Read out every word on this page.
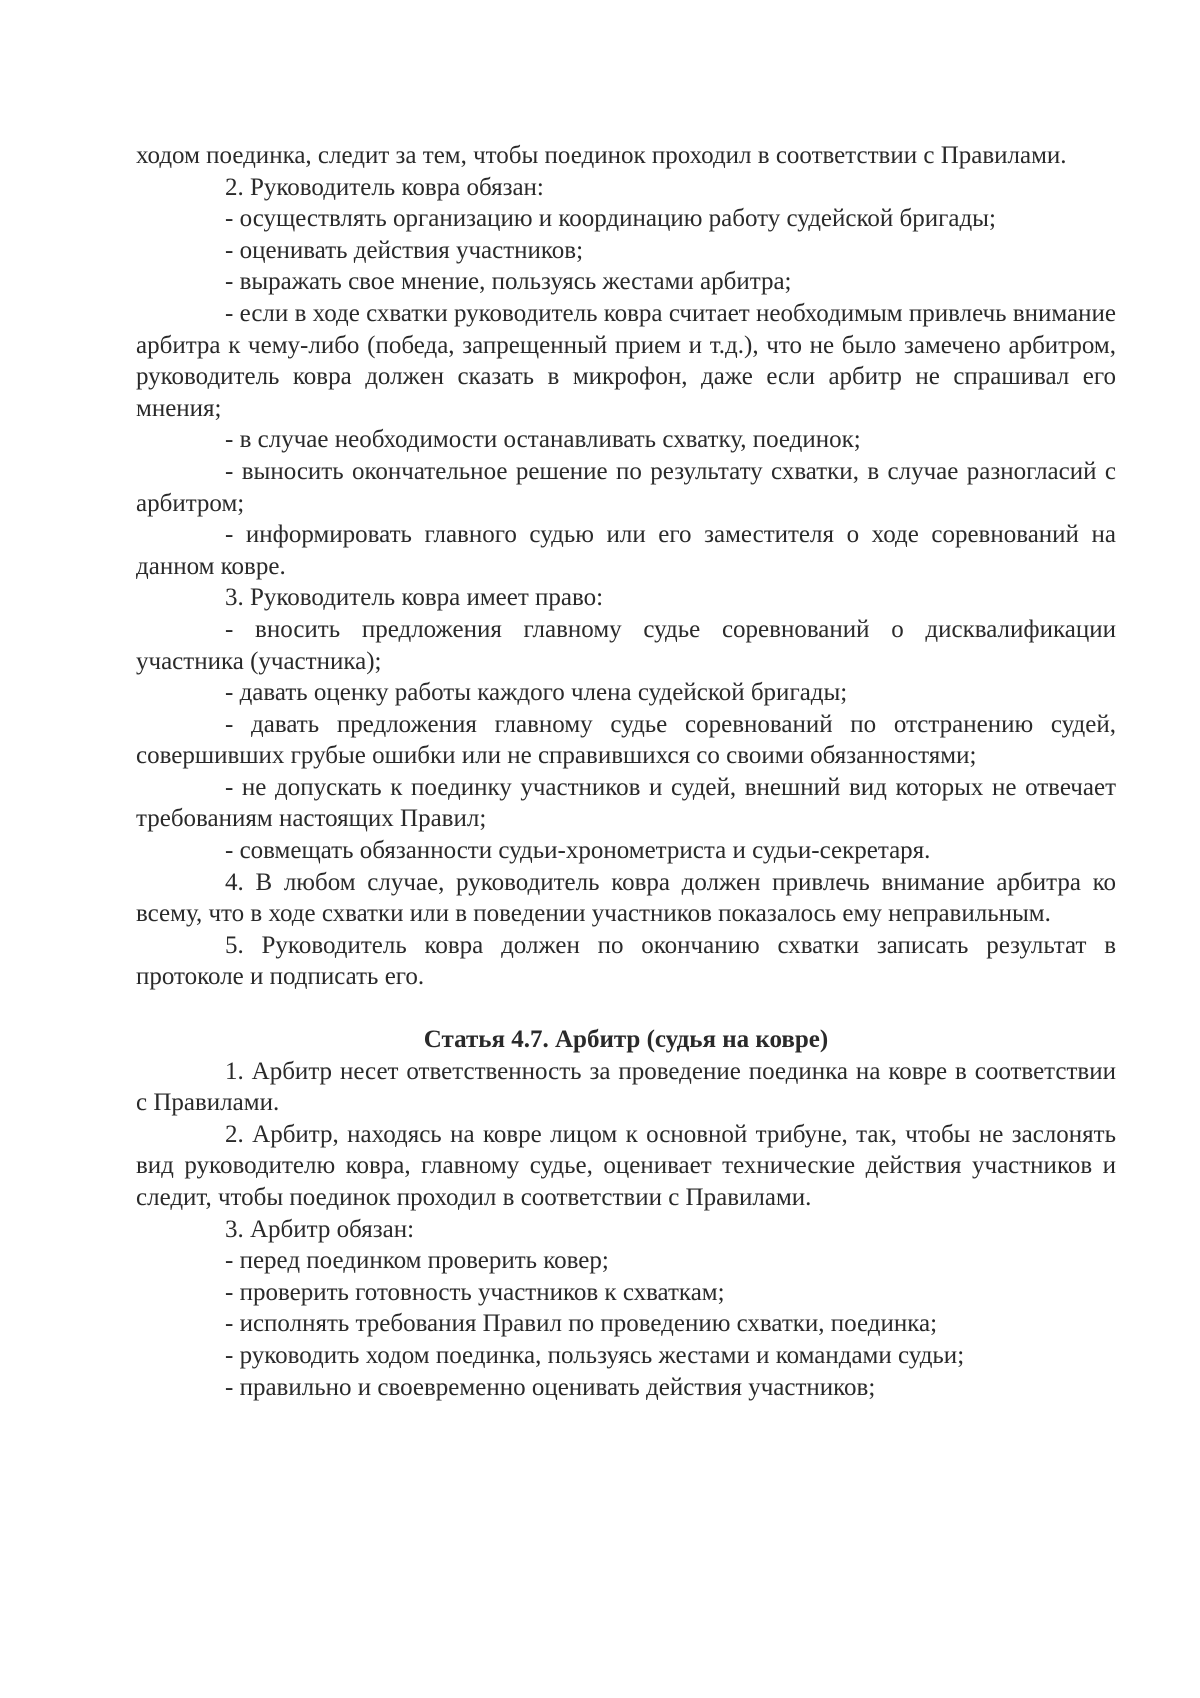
ходом поединка, следит за тем, чтобы поединок проходил в соответствии с Правилами.

2. Руководитель ковра обязан:

- осуществлять организацию и координацию работу судейской бригады;

- оценивать действия участников;

- выражать свое мнение, пользуясь жестами арбитра;

- если в ходе схватки руководитель ковра считает необходимым привлечь внимание арбитра к чему-либо (победа, запрещенный прием и т.д.), что не было замечено арбитром, руководитель ковра должен сказать в микрофон, даже если арбитр не спрашивал его мнения;

- в случае необходимости останавливать схватку, поединок;

- выносить окончательное решение по результату схватки, в случае разногласий с арбитром;

- информировать главного судью или его заместителя о ходе соревнований на данном ковре.

3. Руководитель ковра имеет право:

- вносить предложения главному судье соревнований о дисквалификации участника (участника);

- давать оценку работы каждого члена судейской бригады;

- давать предложения главному судье соревнований по отстранению судей, совершивших грубые ошибки или не справившихся со своими обязанностями;

- не допускать к поединку участников и судей, внешний вид которых не отвечает требованиям настоящих Правил;

- совмещать обязанности судьи-хронометриста и судьи-секретаря.

4. В любом случае, руководитель ковра должен привлечь внимание арбитра ко всему, что в ходе схватки или в поведении участников показалось ему неправильным.

5. Руководитель ковра должен по окончанию схватки записать результат в протоколе и подписать его.

Статья 4.7. Арбитр (судья на ковре)

1. Арбитр несет ответственность за проведение поединка на ковре в соответствии с Правилами.

2. Арбитр, находясь на ковре лицом к основной трибуне, так, чтобы не заслонять вид руководителю ковра, главному судье, оценивает технические действия участников и следит, чтобы поединок проходил в соответствии с Правилами.

3. Арбитр обязан:

- перед поединком проверить ковер;

- проверить готовность участников к схваткам;

- исполнять требования Правил по проведению схватки, поединка;

- руководить ходом поединка, пользуясь жестами и командами судьи;

- правильно и своевременно оценивать действия участников;
